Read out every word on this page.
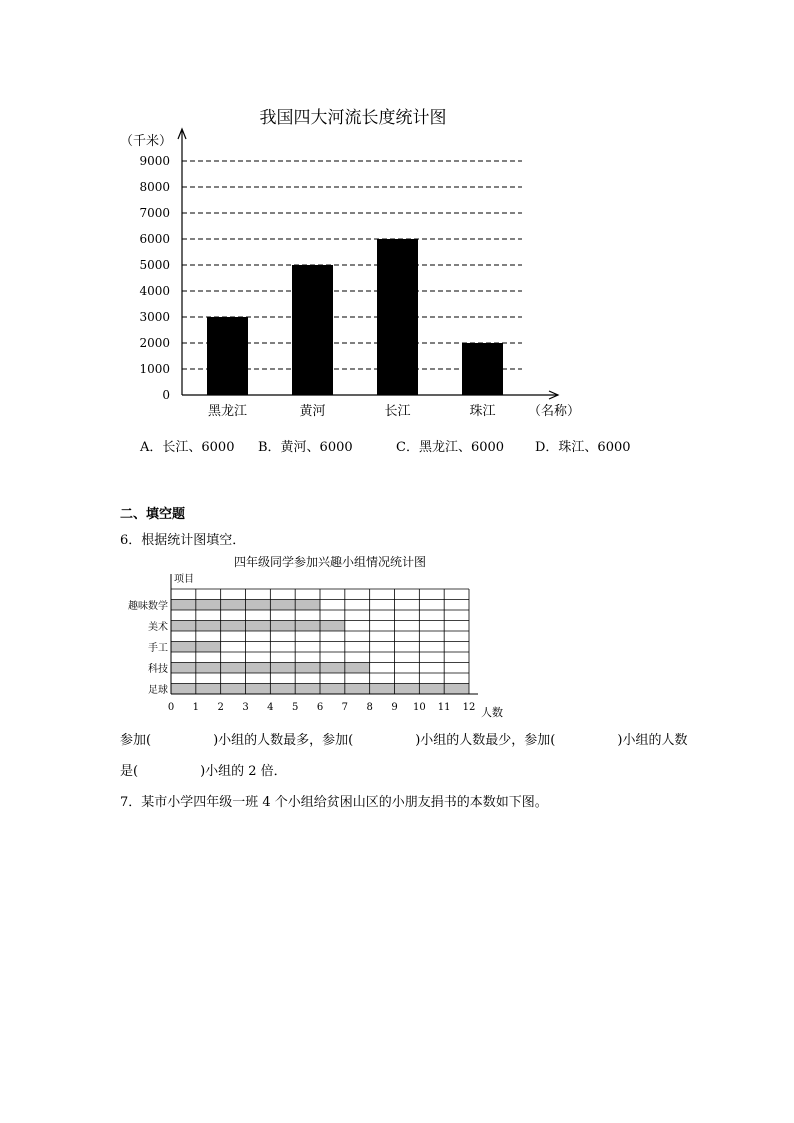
我国四大河流长度统计图
（千米）
（名称）
0
1000
2000
3000
4000
5000
6000
7000
8000
9000
黑龙江	黄河	长江	珠江
A．长江、6000 B．黄河、6000	C．黑龙江、6000 D．珠江、6000
二、填空题
6．根据统计图填空．
四年级同学参加兴趣小组情况统计图
项目
人数
趣味数学
美术
手工
科技
足球
0 1 2 3 4 5 6 7 8 9 10 11 12
参加(	)小组的人数最多，参加(	)小组的人数最少，参加(	)小组的人数
是(	)小组的 2 倍．
7．某市小学四年级一班 4 个小组给贫困山区的小朋友捐书的本数如下图。
